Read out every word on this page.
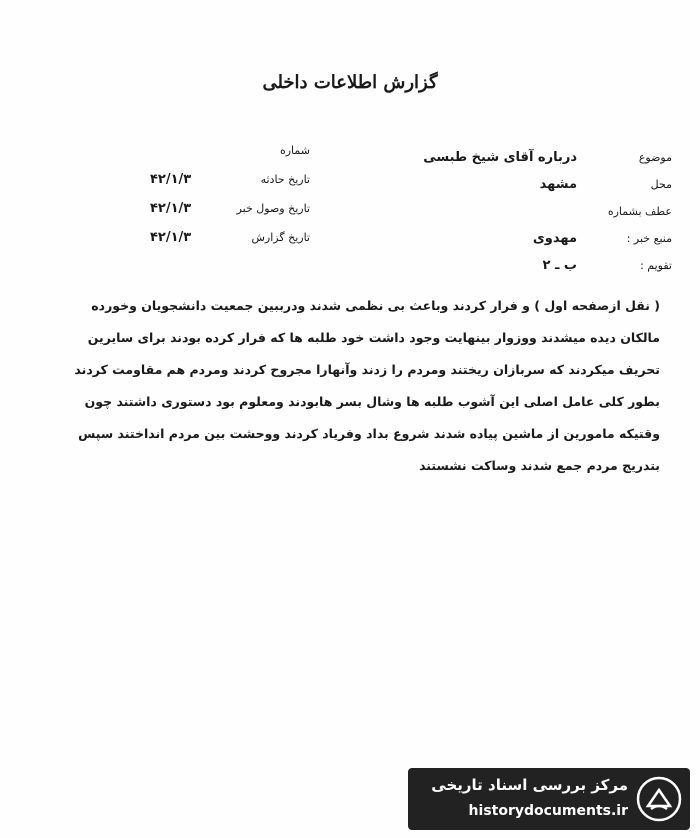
گزارش اطلاعات داخلی
موضوع
درباره آقای شیخ طبسی
محل
مشهد
عطف بشماره
منبع خبر :
مهدوی
تقویم :
ب ـ ۲
شماره
تاریخ حادثه
۴۲/۱/۳
تاریخ وصول خبر
۴۲/۱/۳
تاریخ گزارش
۴۲/۱/۳
( نقل ازصفحه اول ) و فرار کردند وباعث بی نظمی شدند ودرببین جمعیت دانشجویان وخورده
مالکان دیده میشدند ووزوار بینهایت وجود داشت خود طلبه ها که فرار کرده بودند برای سایرین
تحریف میکردند که سربازان ریختند ومردم را زدند وآنهارا مجروح کردند ومردم هم مقاومت کردند
بطور کلی عامل اصلی این آشوب طلبه ها وشال بسر هابودند ومعلوم بود دستوری داشتند چون
وقتیکه مامورین از ماشین پیاده شدند شروع بداد وفریاد کردند ووحشت بین مردم انداختند سپس
بتدریج مردم جمع شدند وساکت نشستند
مرکز بررسی اسناد تاریخی
historydocuments.ir
